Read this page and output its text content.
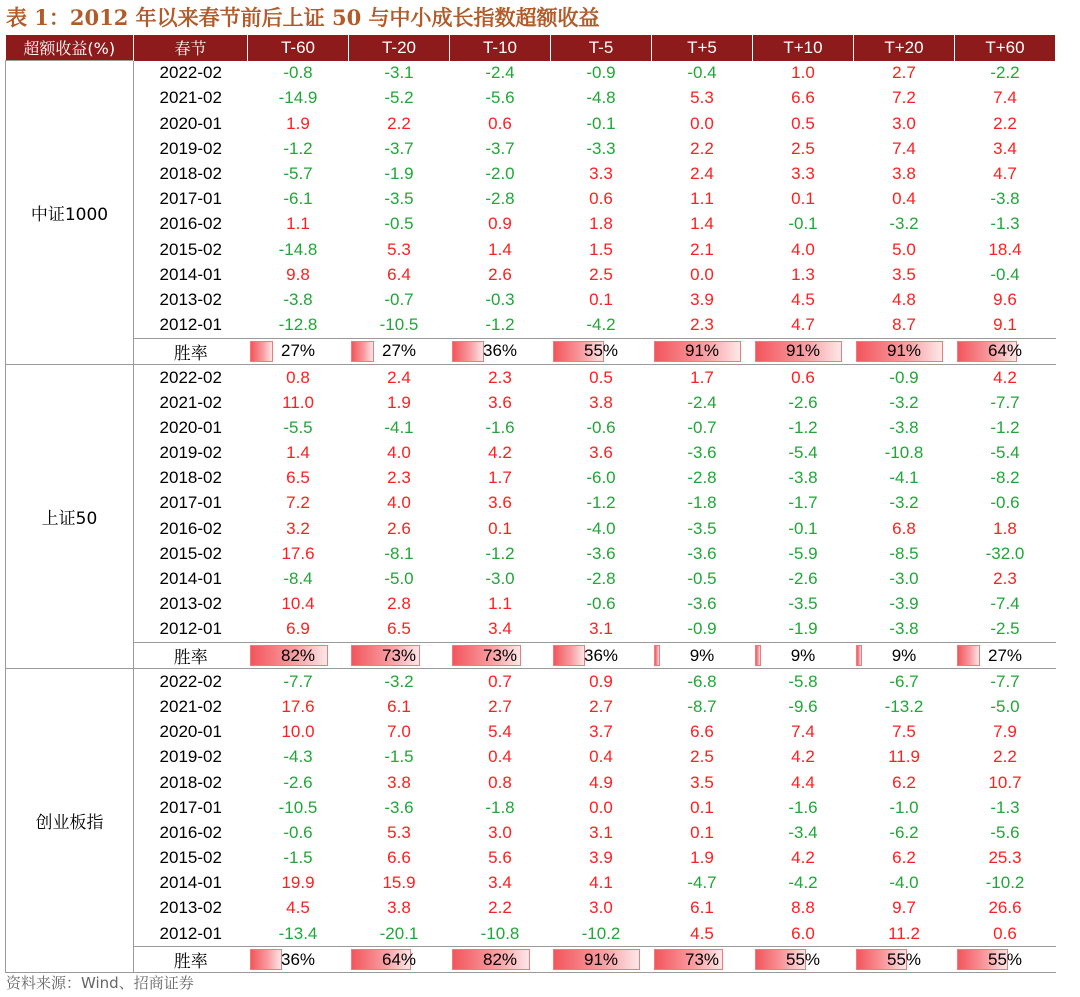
表 1：2012 年以来春节前后上证 50 与中小成长指数超额收益
超额收益(%)	春节	T-60	T-20	T-10	T-5	T+5	T+10	T+20	T+60
中证1000	2022-02	-0.8	-3.1	-2.4	-0.9	-0.4	1.0	2.7	-2.2
	2021-02	-14.9	-5.2	-5.6	-4.8	5.3	6.6	7.2	7.4
	2020-01	1.9	2.2	0.6	-0.1	0.0	0.5	3.0	2.2
	2019-02	-1.2	-3.7	-3.7	-3.3	2.2	2.5	7.4	3.4
	2018-02	-5.7	-1.9	-2.0	3.3	2.4	3.3	3.8	4.7
	2017-01	-6.1	-3.5	-2.8	0.6	1.1	0.1	0.4	-3.8
	2016-02	1.1	-0.5	0.9	1.8	1.4	-0.1	-3.2	-1.3
	2015-02	-14.8	5.3	1.4	1.5	2.1	4.0	5.0	18.4
	2014-01	9.8	6.4	2.6	2.5	0.0	1.3	3.5	-0.4
	2013-02	-3.8	-0.7	-0.3	0.1	3.9	4.5	4.8	9.6
	2012-01	-12.8	-10.5	-1.2	-4.2	2.3	4.7	8.7	9.1
	胜率	27%	27%	36%	55%	91%	91%	91%	64%
上证50	2022-02	0.8	2.4	2.3	0.5	1.7	0.6	-0.9	4.2
	2021-02	11.0	1.9	3.6	3.8	-2.4	-2.6	-3.2	-7.7
	2020-01	-5.5	-4.1	-1.6	-0.6	-0.7	-1.2	-3.8	-1.2
	2019-02	1.4	4.0	4.2	3.6	-3.6	-5.4	-10.8	-5.4
	2018-02	6.5	2.3	1.7	-6.0	-2.8	-3.8	-4.1	-8.2
	2017-01	7.2	4.0	3.6	-1.2	-1.8	-1.7	-3.2	-0.6
	2016-02	3.2	2.6	0.1	-4.0	-3.5	-0.1	6.8	1.8
	2015-02	17.6	-8.1	-1.2	-3.6	-3.6	-5.9	-8.5	-32.0
	2014-01	-8.4	-5.0	-3.0	-2.8	-0.5	-2.6	-3.0	2.3
	2013-02	10.4	2.8	1.1	-0.6	-3.6	-3.5	-3.9	-7.4
	2012-01	6.9	6.5	3.4	3.1	-0.9	-1.9	-3.8	-2.5
	胜率	82%	73%	73%	36%	9%	9%	9%	27%
创业板指	2022-02	-7.7	-3.2	0.7	0.9	-6.8	-5.8	-6.7	-7.7
	2021-02	17.6	6.1	2.7	2.7	-8.7	-9.6	-13.2	-5.0
	2020-01	10.0	7.0	5.4	3.7	6.6	7.4	7.5	7.9
	2019-02	-4.3	-1.5	0.4	0.4	2.5	4.2	11.9	2.2
	2018-02	-2.6	3.8	0.8	4.9	3.5	4.4	6.2	10.7
	2017-01	-10.5	-3.6	-1.8	0.0	0.1	-1.6	-1.0	-1.3
	2016-02	-0.6	5.3	3.0	3.1	0.1	-3.4	-6.2	-5.6
	2015-02	-1.5	6.6	5.6	3.9	1.9	4.2	6.2	25.3
	2014-01	19.9	15.9	3.4	4.1	-4.7	-4.2	-4.0	-10.2
	2013-02	4.5	3.8	2.2	3.0	6.1	8.8	9.7	26.6
	2012-01	-13.4	-20.1	-10.8	-10.2	4.5	6.0	11.2	0.6
	胜率	36%	64%	82%	91%	73%	55%	55%	55%
资料来源：Wind、招商证券
